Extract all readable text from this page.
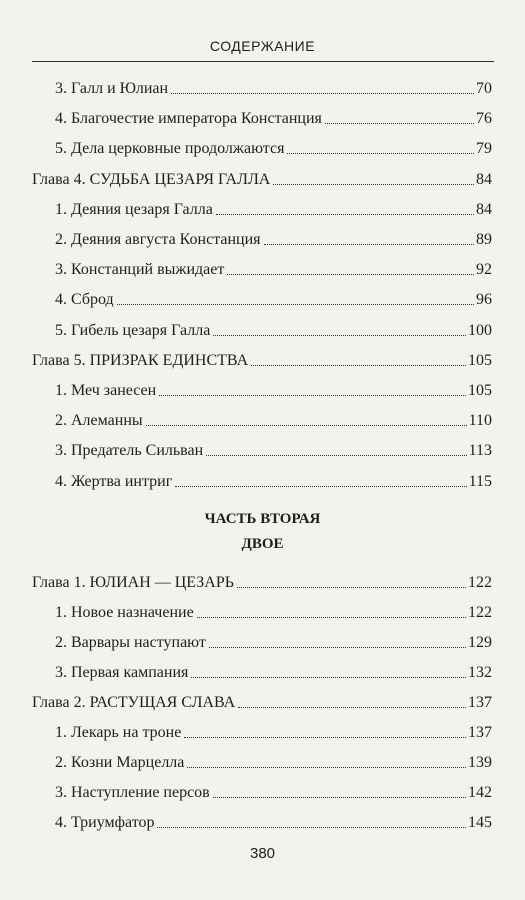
СОДЕРЖАНИЕ
3. Галл и Юлиан	70
4. Благочестие императора Констанция	76
5. Дела церковные продолжаются	79
Глава 4. СУДЬБА ЦЕЗАРЯ ГАЛЛА	84
1. Деяния цезаря Галла	84
2. Деяния августа Констанция	89
3. Констанций выжидает	92
4. Сброд	96
5. Гибель цезаря Галла	100
Глава 5. ПРИЗРАК ЕДИНСТВА	105
1. Меч занесен	105
2. Алеманны	110
3. Предатель Сильван	113
4. Жертва интриг	115
ЧАСТЬ ВТОРАЯ
ДВОЕ
Глава 1. ЮЛИАН — ЦЕЗАРЬ	122
1. Новое назначение	122
2. Варвары наступают	129
3. Первая кампания	132
Глава 2. РАСТУЩАЯ СЛАВА	137
1. Лекарь на троне	137
2. Козни Марцелла	139
3. Наступление персов	142
4. Триумфатор	145
380
